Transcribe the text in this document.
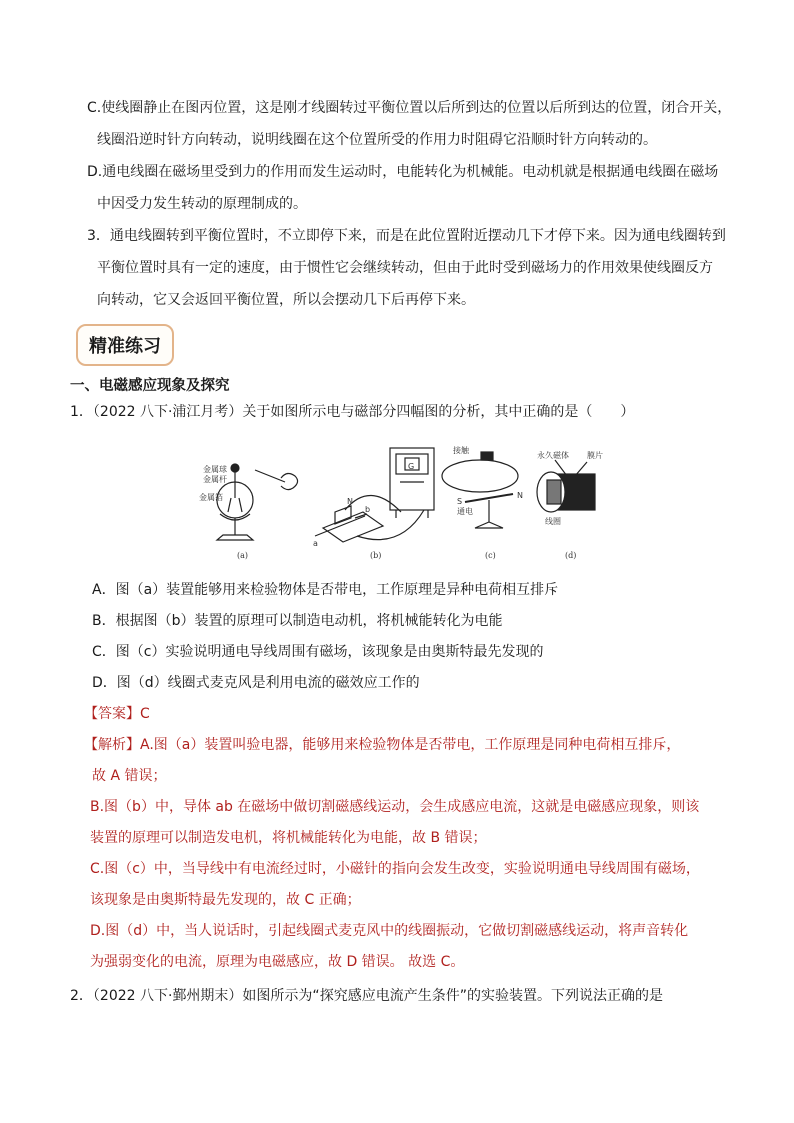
C.使线圈静止在图丙位置，这是刚才线圈转过平衡位置以后所到达的位置以后所到达的位置，闭合开关，
线圈沿逆时针方向转动，说明线圈在这个位置所受的作用力时阻碍它沿顺时针方向转动的。
D.通电线圈在磁场里受到力的作用而发生运动时，电能转化为机械能。电动机就是根据通电线圈在磁场
中因受力发生转动的原理制成的。
3．通电线圈转到平衡位置时，不立即停下来，而是在此位置附近摆动几下才停下来。因为通电线圈转到
平衡位置时具有一定的速度，由于惯性它会继续转动，但由于此时受到磁场力的作用效果使线圈反方
向转动，它又会返回平衡位置，所以会摆动几下后再停下来。
精准练习
一、电磁感应现象及探究
1．（2022 八下·浦江月考）关于如图所示电与磁部分四幅图的分析，其中正确的是（　　）
金属球
金属杆
金属箔
G
N
b
a
接触
S
N
通电
永久磁体 膜片
线圈
(a)	(b)	(c)	(d)
A．图（a）装置能够用来检验物体是否带电，工作原理是异种电荷相互排斥
B．根据图（b）装置的原理可以制造电动机，将机械能转化为电能
C．图（c）实验说明通电导线周围有磁场，该现象是由奥斯特最先发现的
D．图（d）线圈式麦克风是利用电流的磁效应工作的
【答案】C
【解析】A.图（a）装置叫验电器，能够用来检验物体是否带电，工作原理是同种电荷相互排斥，
故 A 错误；
B.图（b）中，导体 ab 在磁场中做切割磁感线运动，会生成感应电流，这就是电磁感应现象，则该
装置的原理可以制造发电机，将机械能转化为电能，故 B 错误；
C.图（c）中，当导线中有电流经过时，小磁针的指向会发生改变，实验说明通电导线周围有磁场，
该现象是由奥斯特最先发现的，故 C 正确；
D.图（d）中，当人说话时，引起线圈式麦克风中的线圈振动，它做切割磁感线运动，将声音转化
为强弱变化的电流，原理为电磁感应，故 D 错误。 故选 C。
2．（2022 八下·鄞州期末）如图所示为“探究感应电流产生条件”的实验装置。下列说法正确的是
